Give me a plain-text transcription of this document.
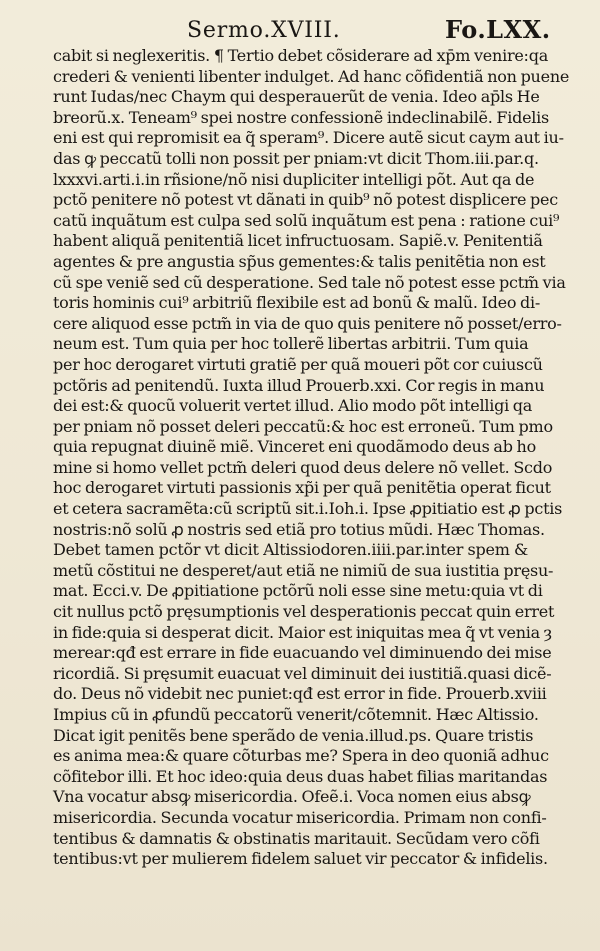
Sermo.XVIII.	Fo.LXX.
cabit si neglexeritis. ¶ Tertio debet cõsiderare ad xp̄m venire:qa
crederi & venienti libenter indulget. Ad hanc cõfidentiã non puene
runt Iudas/nec Chaym qui desperauerũt de venia. Ideo ap̄ls He
breorũ.x. Teneam⁹ spei nostre confessionẽ indeclinabilẽ. Fidelis
eni est qui repromisit ea q̃ speram⁹. Dicere autẽ sicut caym aut iu‑
das ꝙ peccatũ tolli non possit per pniam:vt dicit Thom.iii.par.q.
lxxxvi.arti.i.in rñsione/nõ nisi dupliciter intelligi põt. Aut qa de
pctõ penitere nõ potest vt dãnati in quib⁹ nõ potest displicere pec
catũ inquãtum est culpa sed solũ inquãtum est pena : ratione cui⁹
habent aliquã penitentiã licet infructuosam. Sapiẽ.v. Penitentiã
agentes & pre angustia sp̃us gementes:& talis penitẽtia non est
cũ spe veniẽ sed cũ desperatione. Sed tale nõ potest esse pctm̃ via
toris hominis cui⁹ arbitriũ flexibile est ad bonũ & malũ. Ideo di‑
cere aliquod esse pctm̃ in via de quo quis penitere nõ posset/erro‑
neum est. Tum quia per hoc tollerẽ libertas arbitrii. Tum quia
per hoc derogaret virtuti gratiẽ per quã moueri põt cor cuiuscũ
pctõris ad penitendũ. Iuxta illud Prouerb.xxi. Cor regis in manu
dei est:& quocũ voluerit vertet illud. Alio modo põt intelligi qa
per pniam nõ posset deleri peccatũ:& hoc est erroneũ. Tum pmo
quia repugnat diuinẽ miẽ. Vinceret eni quodãmodo deus ab ho
mine si homo vellet pctm̃ deleri quod deus delere nõ vellet. Scdo
hoc derogaret virtuti passionis xp̃i per quã penitẽtia operat ficut
et cetera sacramẽta:cũ scriptũ sit.i.Ioh.i. Ipse ꝓpitiatio est ꝓ pctis
nostris:nõ solũ ꝓ nostris sed etiã pro totius mũdi. Hæc Thomas.
Debet tamen pctõr vt dicit Altissiodoren.iiii.par.inter spem &
metũ cõstitui ne desperet/aut etiã ne nimiũ de sua iustitia pręsu‑
mat. Ecci.v. De ꝓpitiatione pctõrũ noli esse sine metu:quia vt di
cit nullus pctõ pręsumptionis vel desperationis peccat quin erret
in fide:quia si desperat dicit. Maior est iniquitas mea q̃ vt venia ȝ
merear:qđ est errare in fide euacuando vel diminuendo dei mise
ricordiã. Si pręsumit euacuat vel diminuit dei iustitiã.quasi dicẽ‑
do. Deus nõ videbit nec puniet:qđ est error in fide. Prouerb.xviii
Impius cũ in ꝓfundũ peccatorũ venerit/cõtemnit. Hæc Altissio.
Dicat igit penitẽs bene sperãdo de venia.illud.ps. Quare tristis
es anima mea:& quare cõturbas me? Spera in deo quoniã adhuc
cõfitebor illi. Et hoc ideo:quia deus duas habet filias maritandas
Vna vocatur absꝙ misericordia. Ofeẽ.i. Voca nomen eius absꝙ
misericordia. Secunda vocatur misericordia. Primam non confi‑
tentibus & damnatis & obstinatis maritauit. Secũdam vero cõfi
tentibus:vt per mulierem fidelem saluet vir peccator & infidelis.
